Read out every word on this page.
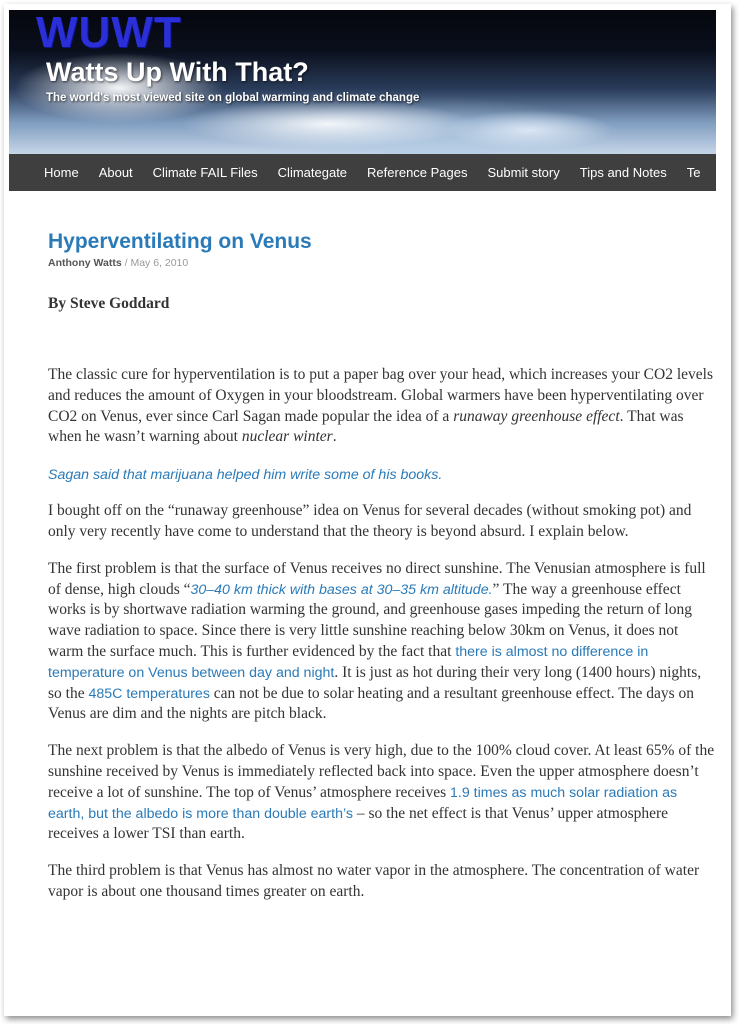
WUWT
Watts Up With That?
The world's most viewed site on global warming and climate change
Home About Climate FAIL Files Climategate Reference Pages Submit story Tips and Notes Te
Hyperventilating on Venus
Anthony Watts / May 6, 2010
By Steve Goddard

The classic cure for hyperventilation is to put a paper bag over your head, which increases your CO2 levels and reduces the amount of Oxygen in your bloodstream. Global warmers have been hyperventilating over CO2 on Venus, ever since Carl Sagan made popular the idea of a runaway greenhouse effect. That was when he wasn’t warning about nuclear winter.

Sagan said that marijuana helped him write some of his books.

I bought off on the “runaway greenhouse” idea on Venus for several decades (without smoking pot) and only very recently have come to understand that the theory is beyond absurd. I explain below.

The first problem is that the surface of Venus receives no direct sunshine. The Venusian atmosphere is full of dense, high clouds “30–40 km thick with bases at 30–35 km altitude.” The way a greenhouse effect works is by shortwave radiation warming the ground, and greenhouse gases impeding the return of long wave radiation to space. Since there is very little sunshine reaching below 30km on Venus, it does not warm the surface much. This is further evidenced by the fact that there is almost no difference in temperature on Venus between day and night. It is just as hot during their very long (1400 hours) nights, so the 485C temperatures can not be due to solar heating and a resultant greenhouse effect. The days on Venus are dim and the nights are pitch black.

The next problem is that the albedo of Venus is very high, due to the 100% cloud cover. At least 65% of the sunshine received by Venus is immediately reflected back into space. Even the upper atmosphere doesn’t receive a lot of sunshine. The top of Venus’ atmosphere receives 1.9 times as much solar radiation as earth, but the albedo is more than double earth’s – so the net effect is that Venus’ upper atmosphere receives a lower TSI than earth.

The third problem is that Venus has almost no water vapor in the atmosphere. The concentration of water vapor is about one thousand times greater on earth.
